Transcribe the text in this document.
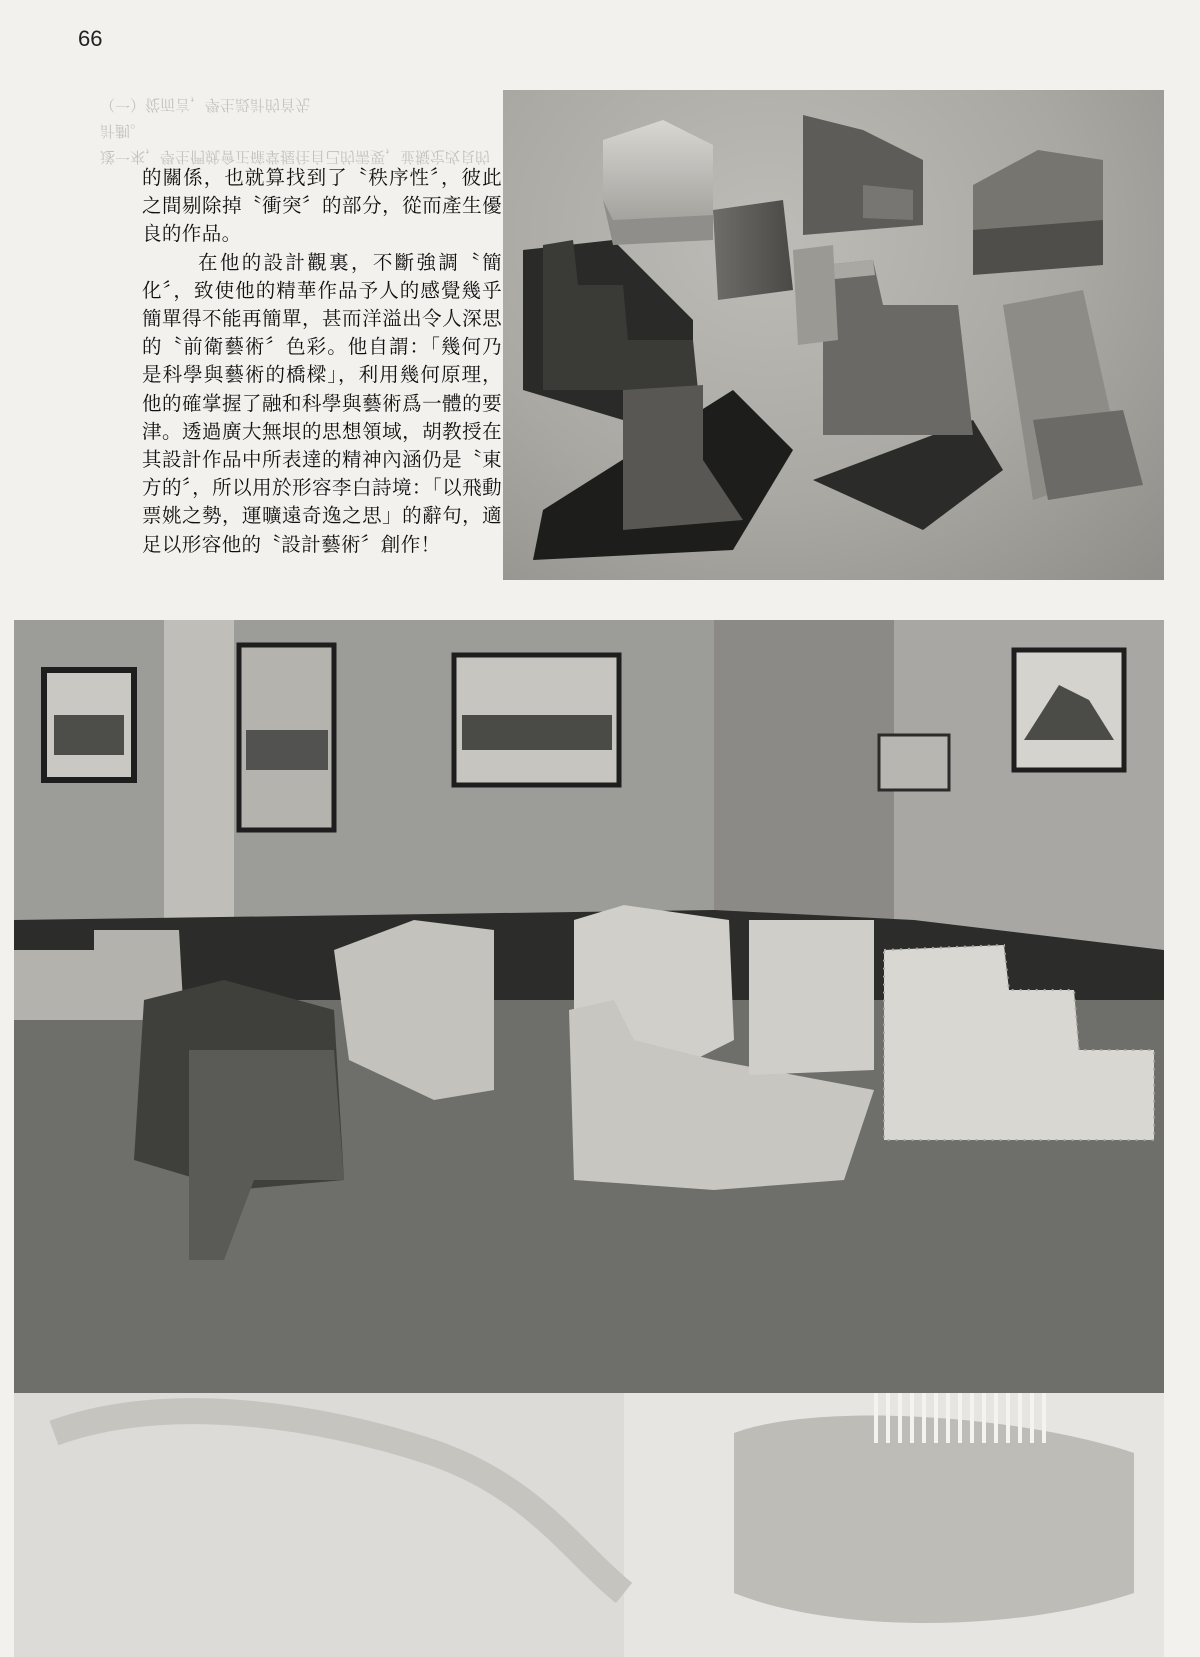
66
遂一來，學生們就會正確掌握住自己的需要，並擬定改良的計劃。
（一）從而言，學生設計的首先

的關係，也就算找到了〝秩序性〞，彼此之間剔除掉〝衝突〞的部分，從而產生優良的作品。

在他的設計觀裏，不斷強調〝簡化〞，致使他的精華作品予人的感覺幾乎簡單得不能再簡單，甚而洋溢出令人深思的〝前衛藝術〞色彩。他自謂：「幾何乃是科學與藝術的橋樑」，利用幾何原理，他的確掌握了融和科學與藝術爲一體的要津。透過廣大無垠的思想領域，胡教授在其設計作品中所表達的精神內涵仍是〝東方的〞，所以用於形容李白詩境：「以飛動票姚之勢，運曠遠奇逸之思」的辭句，適足以形容他的〝設計藝術〞創作！
